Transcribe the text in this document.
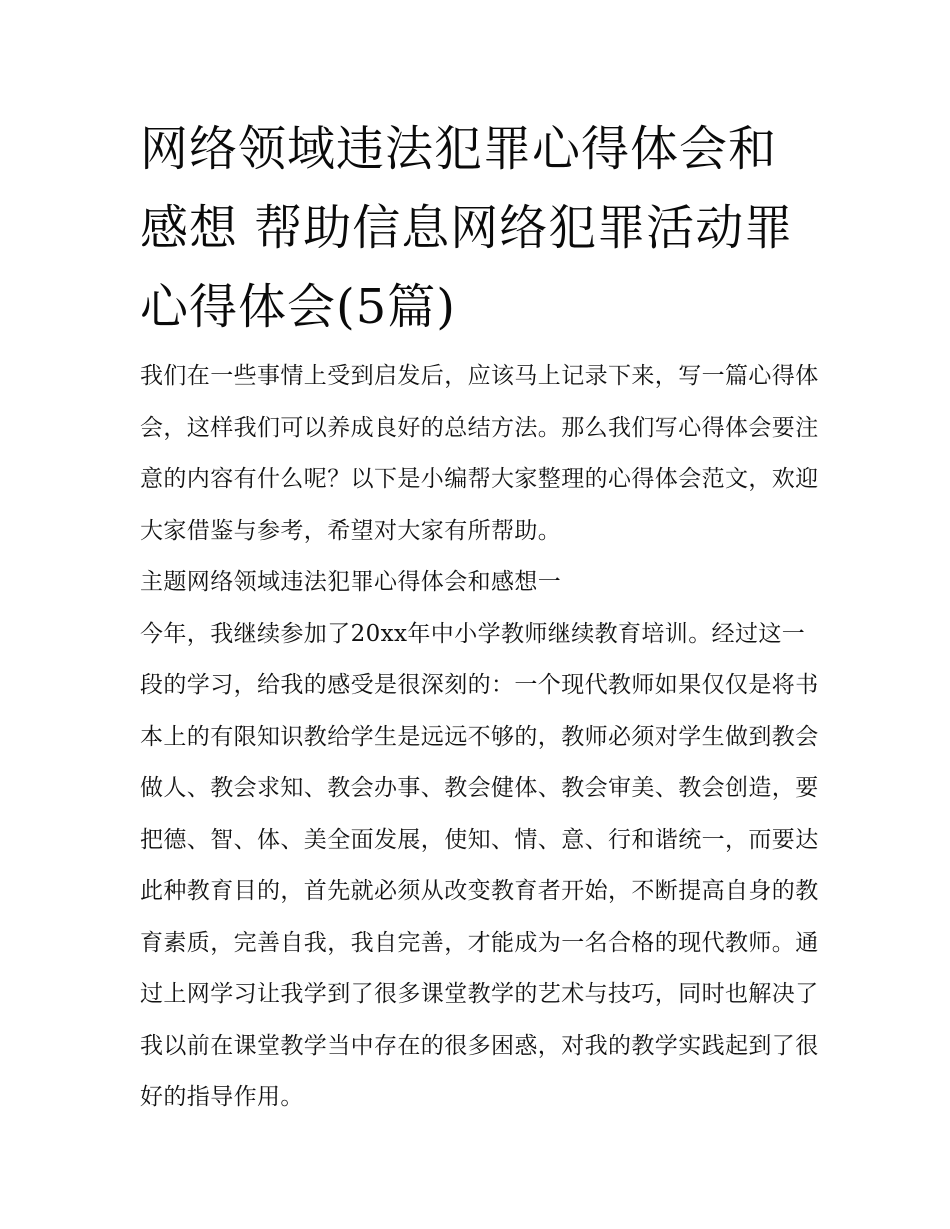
网络领域违法犯罪心得体会和感想 帮助信息网络犯罪活动罪心得体会(5篇)

我们在一些事情上受到启发后，应该马上记录下来，写一篇心得体会，这样我们可以养成良好的总结方法。那么我们写心得体会要注意的内容有什么呢？以下是小编帮大家整理的心得体会范文，欢迎大家借鉴与参考，希望对大家有所帮助。

主题网络领域违法犯罪心得体会和感想一

今年，我继续参加了20xx年中小学教师继续教育培训。经过这一段的学习，给我的感受是很深刻的：一个现代教师如果仅仅是将书本上的有限知识教给学生是远远不够的，教师必须对学生做到教会做人、教会求知、教会办事、教会健体、教会审美、教会创造，要把德、智、体、美全面发展，使知、情、意、行和谐统一，而要达此种教育目的，首先就必须从改变教育者开始，不断提高自身的教育素质，完善自我，我自完善，才能成为一名合格的现代教师。通过上网学习让我学到了很多课堂教学的艺术与技巧，同时也解决了我以前在课堂教学当中存在的很多困惑，对我的教学实践起到了很好的指导作用。
